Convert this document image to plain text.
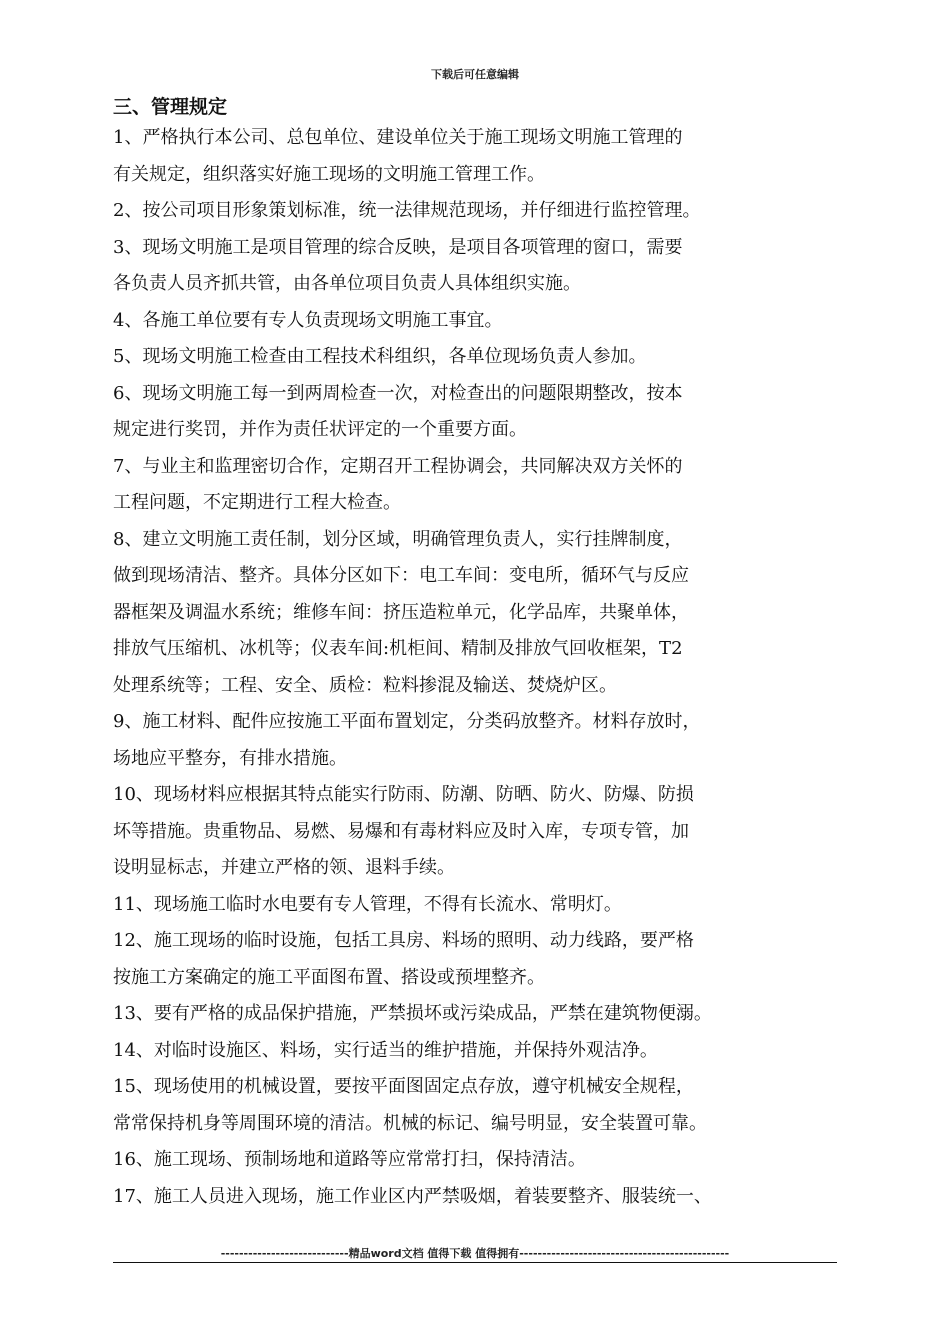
下载后可任意编辑
三、管理规定
1、严格执行本公司、总包单位、建设单位关于施工现场文明施工管理的
有关规定，组织落实好施工现场的文明施工管理工作。
2、按公司项目形象策划标准，统一法律规范现场，并仔细进行监控管理。
3、现场文明施工是项目管理的综合反映，是项目各项管理的窗口，需要
各负责人员齐抓共管，由各单位项目负责人具体组织实施。
4、各施工单位要有专人负责现场文明施工事宜。
5、现场文明施工检查由工程技术科组织，各单位现场负责人参加。
6、现场文明施工每一到两周检查一次，对检查出的问题限期整改，按本
规定进行奖罚，并作为责任状评定的一个重要方面。
7、与业主和监理密切合作，定期召开工程协调会，共同解决双方关怀的
工程问题，不定期进行工程大检查。
8、建立文明施工责任制，划分区域，明确管理负责人，实行挂牌制度，
做到现场清洁、整齐。具体分区如下：电工车间：变电所，循环气与反应
器框架及调温水系统；维修车间：挤压造粒单元，化学品库，共聚单体，
排放气压缩机、冰机等；仪表车间:机柜间、精制及排放气回收框架，T2
处理系统等；工程、安全、质检：粒料掺混及输送、焚烧炉区。
9、施工材料、配件应按施工平面布置划定，分类码放整齐。材料存放时，
场地应平整夯，有排水措施。
10、现场材料应根据其特点能实行防雨、防潮、防晒、防火、防爆、防损
坏等措施。贵重物品、易燃、易爆和有毒材料应及时入库，专项专管，加
设明显标志，并建立严格的领、退料手续。
11、现场施工临时水电要有专人管理，不得有长流水、常明灯。
12、施工现场的临时设施，包括工具房、料场的照明、动力线路，要严格
按施工方案确定的施工平面图布置、搭设或预埋整齐。
13、要有严格的成品保护措施，严禁损坏或污染成品，严禁在建筑物便溺。
14、对临时设施区、料场，实行适当的维护措施，并保持外观洁净。
15、现场使用的机械设置，要按平面图固定点存放，遵守机械安全规程，
常常保持机身等周围环境的清洁。机械的标记、编号明显，安全装置可靠。
16、施工现场、预制场地和道路等应常常打扫，保持清洁。
17、施工人员进入现场，施工作业区内严禁吸烟，着装要整齐、服装统一、
----------------------------精品word文档 值得下载 值得拥有----------------------------------------------
